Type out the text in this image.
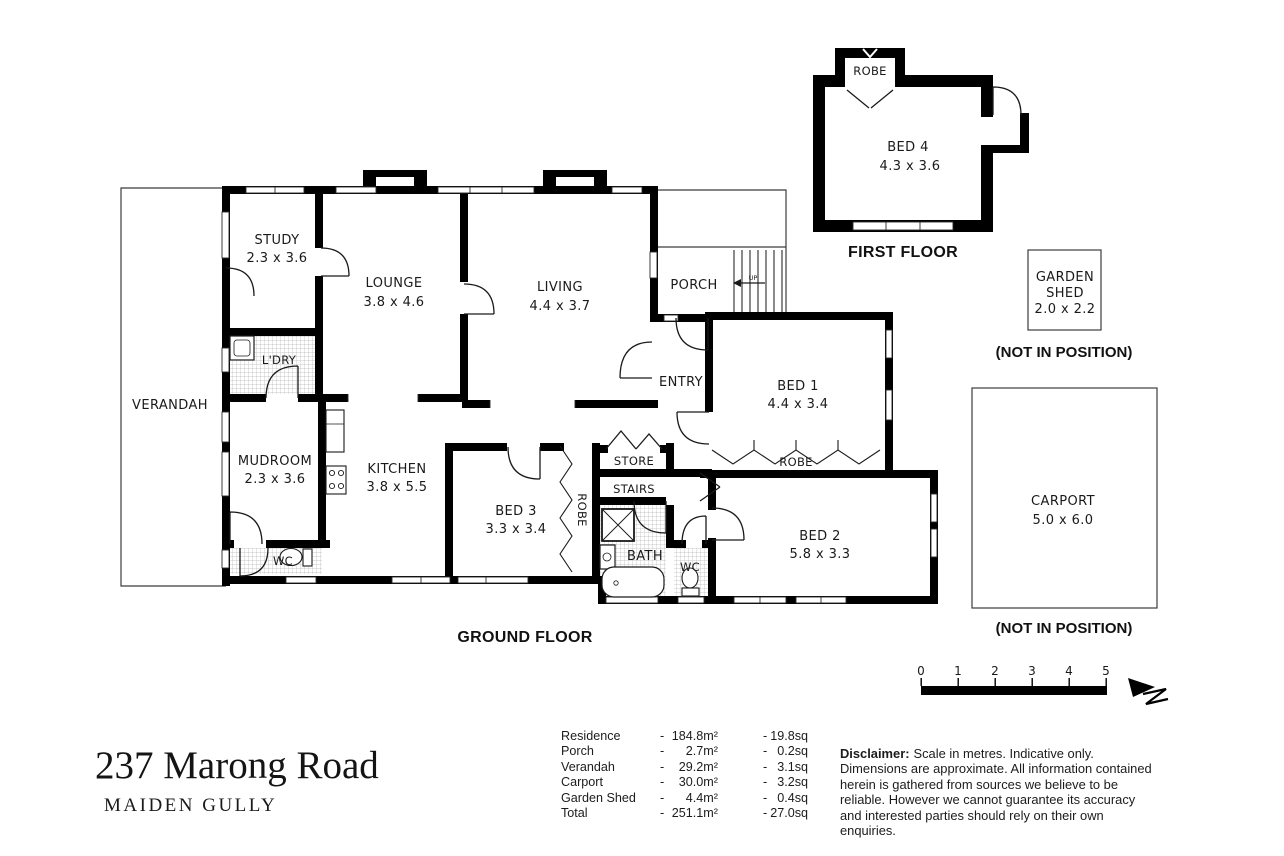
UP
0 1 2 3 4 5
STUDY
2.3 x 3.6
LOUNGE
3.8 x 4.6
LIVING
4.4 x 3.7
PORCH
ENTRY
VERANDAH
L'DRY
MUDROOM
2.3 x 3.6
KITCHEN
3.8 x 5.5
BED 1
4.4 x 3.4
ROBE
BED 2
5.8 x 3.3
BED 3
3.3 x 3.4
ROBE
STORE
STAIRS
BATH
WC
WC
BED 4
4.3 x 3.6
ROBE
GARDEN
SHED
2.0 x 2.2
CARPORT
5.0 x 6.0
GROUND FLOOR
FIRST FLOOR
(NOT IN POSITION)
(NOT IN POSITION)
237 Marong Road
MAIDEN GULLY
Residence	- 184.8m²	- 19.8sq
Porch	-	2.7m²	- 0.2sq
Verandah	-	29.2m²	- 3.1sq
Carport	-	30.0m²	- 3.2sq
Garden Shed -	4.4m²	- 0.4sq
Total	- 251.1m²	- 27.0sq
Disclaimer: Scale in metres. Indicative only. Dimensions are approximate. All information contained herein is gathered from sources we believe to be reliable. However we cannot guarantee its accuracy and interested parties should rely on their own enquiries.
